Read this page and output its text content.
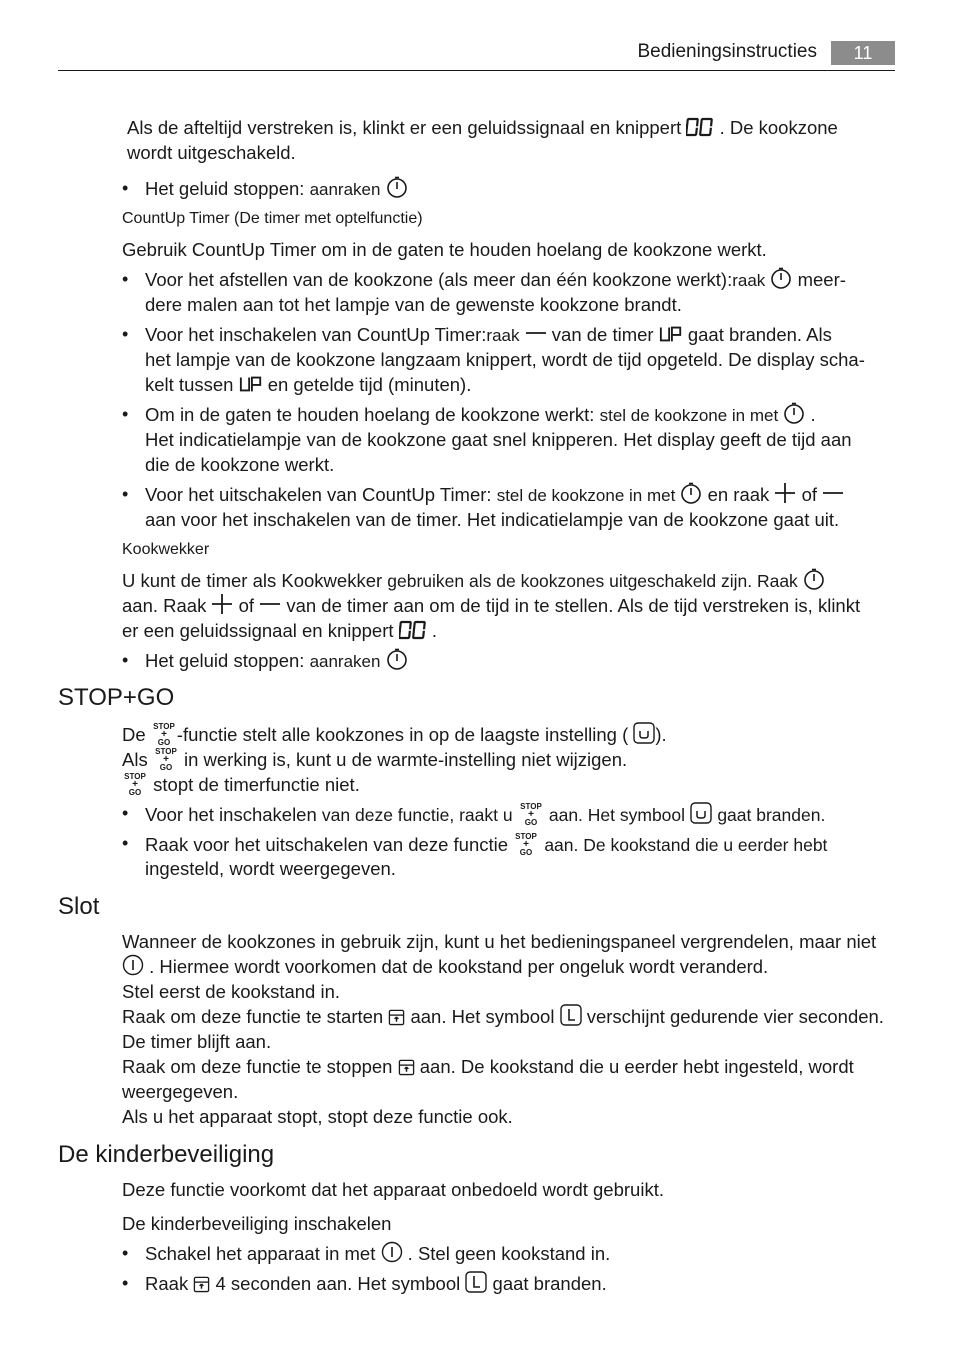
Bedieningsinstructies	11
Als de afteltijd verstreken is, klinkt er een geluidssignaal en knippert . De kookzone
wordt uitgeschakeld.
• Het geluid stoppen: aanraken
CountUp Timer (De timer met optelfunctie)
Gebruik CountUp Timer om in de gaten te houden hoelang de kookzone werkt.
• Voor het afstellen van de kookzone (als meer dan één kookzone werkt):raak meer-
dere malen aan tot het lampje van de gewenste kookzone brandt.
• Voor het inschakelen van CountUp Timer:raak van de timer gaat branden. Als
het lampje van de kookzone langzaam knippert, wordt de tijd opgeteld. De display scha-
kelt tussen en getelde tijd (minuten).
• Om in de gaten te houden hoelang de kookzone werkt: stel de kookzone in met .
Het indicatielampje van de kookzone gaat snel knipperen. Het display geeft de tijd aan
die de kookzone werkt.
• Voor het uitschakelen van CountUp Timer: stel de kookzone in met en raak of
aan voor het inschakelen van de timer. Het indicatielampje van de kookzone gaat uit.
Kookwekker
U kunt de timer als Kookwekker gebruiken als de kookzones uitgeschakeld zijn. Raak
aan. Raak of van de timer aan om de tijd in te stellen. Als de tijd verstreken is, klinkt
er een geluidssignaal en knippert .
• Het geluid stoppen: aanraken
STOP+GO
De -functie stelt alle kookzones in op de laagste instelling ( ).
Als in werking is, kunt u de warmte-instelling niet wijzigen.
stopt de timerfunctie niet.
• Voor het inschakelen van deze functie, raakt u aan. Het symbool gaat branden.
• Raak voor het uitschakelen van deze functie aan. De kookstand die u eerder hebt
ingesteld, wordt weergegeven.
Slot
Wanneer de kookzones in gebruik zijn, kunt u het bedieningspaneel vergrendelen, maar niet
. Hiermee wordt voorkomen dat de kookstand per ongeluk wordt veranderd.
Stel eerst de kookstand in.
Raak om deze functie te starten aan. Het symbool verschijnt gedurende vier seconden.
De timer blijft aan.
Raak om deze functie te stoppen aan. De kookstand die u eerder hebt ingesteld, wordt
weergegeven.
Als u het apparaat stopt, stopt deze functie ook.
De kinderbeveiliging
Deze functie voorkomt dat het apparaat onbedoeld wordt gebruikt.
De kinderbeveiliging inschakelen
• Schakel het apparaat in met . Stel geen kookstand in.
• Raak 4 seconden aan. Het symbool gaat branden.
